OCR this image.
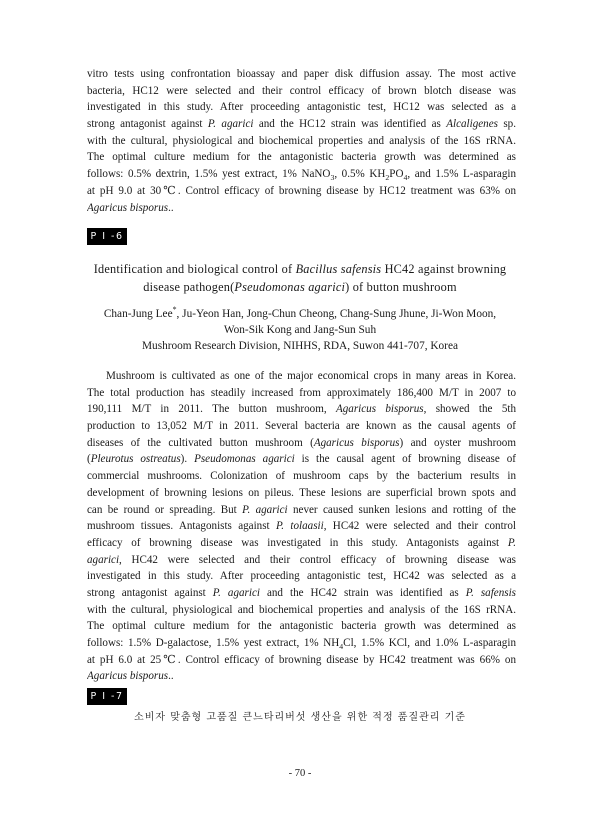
vitro tests using confrontation bioassay and paper disk diffusion assay. The most active
bacteria, HC12 were selected and their control efficacy of brown blotch disease was
investigated in this study. After proceeding antagonistic test, HC12 was selected as a
strong antagonist against P. agarici and the HC12 strain was identified as Alcaligenes sp.
with the cultural, physiological and biochemical properties and analysis of the 16S rRNA.
The optimal culture medium for the antagonistic bacteria growth was determined as
follows: 0.5% dextrin, 1.5% yest extract, 1% NaNO$_3$, 0.5% $KH_2PO_4$, and 1.5% L-asparagin
at pH 9.0 at 30℃. Control efficacy of browning disease by HC12 treatment was 63% on
Agaricus bisporus..
P I -6

Identification and biological control of Bacillus safensis HC42 against browning

disease pathogen(Pseudomonas agarici) of button mushroom

Chan-Jung Lee*, Ju-Yeon Han, Jong-Chun Cheong, Chang-Sung Jhune, Ji-Won Moon,

Won-Sik Kong and Jang-Sun Suh

Mushroom Research Division, NIHHS, RDA, Suwon 441-707, Korea

Mushroom is cultivated as one of the major economical crops in many areas in Korea.
The total production has steadily increased from approximately 186,400 M/T in 2007 to
190,111 M/T in 2011. The button mushroom, Agaricus bisporus, showed the 5th
production to 13,052 M/T in 2011. Several bacteria are known as the causal agents of
diseases of the cultivated button mushroom (Agaricus bisporus) and oyster mushroom
(Pleurotus ostreatus). Pseudomonas agarici is the causal agent of browning disease of
commercial mushrooms. Colonization of mushroom caps by the bacterium results in
development of browning lesions on pileus. These lesions are superficial brown spots and
can be round or spreading. But P. agarici never caused sunken lesions and rotting of the
mushroom tissues. Antagonists against P. tolaasii, HC42 were selected and their control
efficacy of browning disease was investigated in this study. Antagonists against P.
agarici, HC42 were selected and their control efficacy of browning disease was
investigated in this study. After proceeding antagonistic test, HC42 was selected as a
strong antagonist against P. agarici and the HC42 strain was identified as P. safensis
with the cultural, physiological and biochemical properties and analysis of the 16S rRNA.
The optimal culture medium for the antagonistic bacteria growth was determined as
follows: 1.5% D-galactose, 1.5% yest extract, 1% $NH_4Cl$, 1.5% KCl, and 1.0% L-asparagin
at pH 6.0 at 25℃. Control efficacy of browning disease by HC42 treatment was 66% on
Agaricus bisporus..
P I -7
소비자 맞춤형 고품질 큰느타리버섯 생산을 위한 적정 품질관리 기준
- 70 -
